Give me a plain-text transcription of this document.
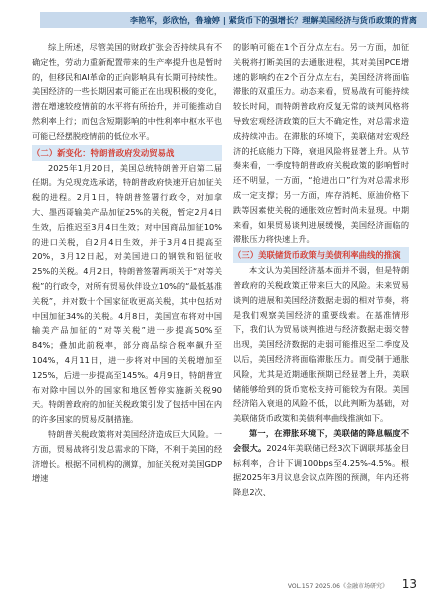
李艳军，彭欣怡，鲁瑜婷 | 紧货币下的强增长？理解美国经济与货币政策的背离

综上所述，尽管美国的财政扩张会否持续具有不确定性，劳动力重新配置带来的生产率提升也是暂时的，但移民和AI革命的正向影响具有长期可持续性。美国经济的一些长期因素可能正在出现积极的变化，潜在增速较疫情前的水平将有所抬升，并可能推动自然利率上行；而包含短期影响的中性利率中枢水平也可能已经摆脱疫情前的低位水平。

（二）新变化：特朗普政府发动贸易战

2025年1月20日，美国总统特朗普开启第二届任期。为兑现竞选承诺，特朗普政府快速开启加征关税的进程。2月1日，特朗普签署行政令，对加拿大、墨西哥输美产品加征25%的关税，暂定2月4日生效，后推迟至3月4日生效；对中国商品加征10%的进口关税，自2月4日生效，并于3月4日提高至20%，3月12日起，对美国进口的钢铁和铝征收25%的关税。4月2日，特朗普签署两项关于“对等关税”的行政令，对所有贸易伙伴设立10%的“最低基准关税”，并对数十个国家征收更高关税，其中包括对中国加征34%的关税。4月8日，美国宣布将对中国输美产品加征的“对等关税”进一步提高50%至84%；叠加此前税率，部分商品综合税率飙升至104%，4月11日，进一步将对中国的关税增加至125%，后进一步提高至145%。4月9日，特朗普宣布对除中国以外的国家和地区暂停实施新关税90天。特朗普政府的加征关税政策引发了包括中国在内的许多国家的贸易反制措施。

特朗普关税政策将对美国经济造成巨大风险。一方面，贸易战将引发总需求的下降，不利于美国的经济增长。根据不同机构的测算，加征关税对美国GDP增速

的影响可能在1个百分点左右。另一方面，加征关税将打断美国的去通胀进程，其对美国PCE增速的影响约在2个百分点左右，美国经济将面临滞胀的双重压力。动态来看，贸易战有可能持续较长时间，而特朗普政府反复无常的谈判风格将导致宏观经济政策的巨大不确定性，对总需求造成持续冲击。在滞胀的环境下，美联储对宏观经济的托底能力下降，衰退风险将显著上升。从节奏来看，一季度特朗普政府关税政策的影响暂时还不明显，一方面，“抢进出口”行为对总需求形成一定支撑；另一方面，库存消耗、原油价格下跌等因素使关税的通胀效应暂时尚未显现。中期来看，如果贸易谈判进展缓慢，美国经济面临的滞胀压力将快速上升。

（三）美联储货币政策与美债利率曲线的推演

本文认为美国经济基本面并不弱，但是特朗普政府的关税政策正带来巨大的风险。未来贸易谈判的进展和美国经济数据走弱的相对节奏，将是我们观察美国经济的重要线索。在基准情形下，我们认为贸易谈判推进与经济数据走弱交替出现，美国经济数据的走弱可能推迟至二季度及以后，美国经济将面临滞胀压力。而受制于通胀风险，尤其是近期通胀预期已经显著上升，美联储能够给到的货币宽松支持可能较为有限。美国经济陷入衰退的风险不低，以此判断为基础，对美联储货币政策和美债利率曲线推演如下。

第一，在滞胀环境下，美联储的降息幅度不会很大。2024年美联储已经3次下调联邦基金目标利率，合计下调100bps至4.25%-4.5%。根据2025年3月议息会议点阵图的预测，年内还将降息2次、

VOL.157 2025.06《金融市场研究》 13
